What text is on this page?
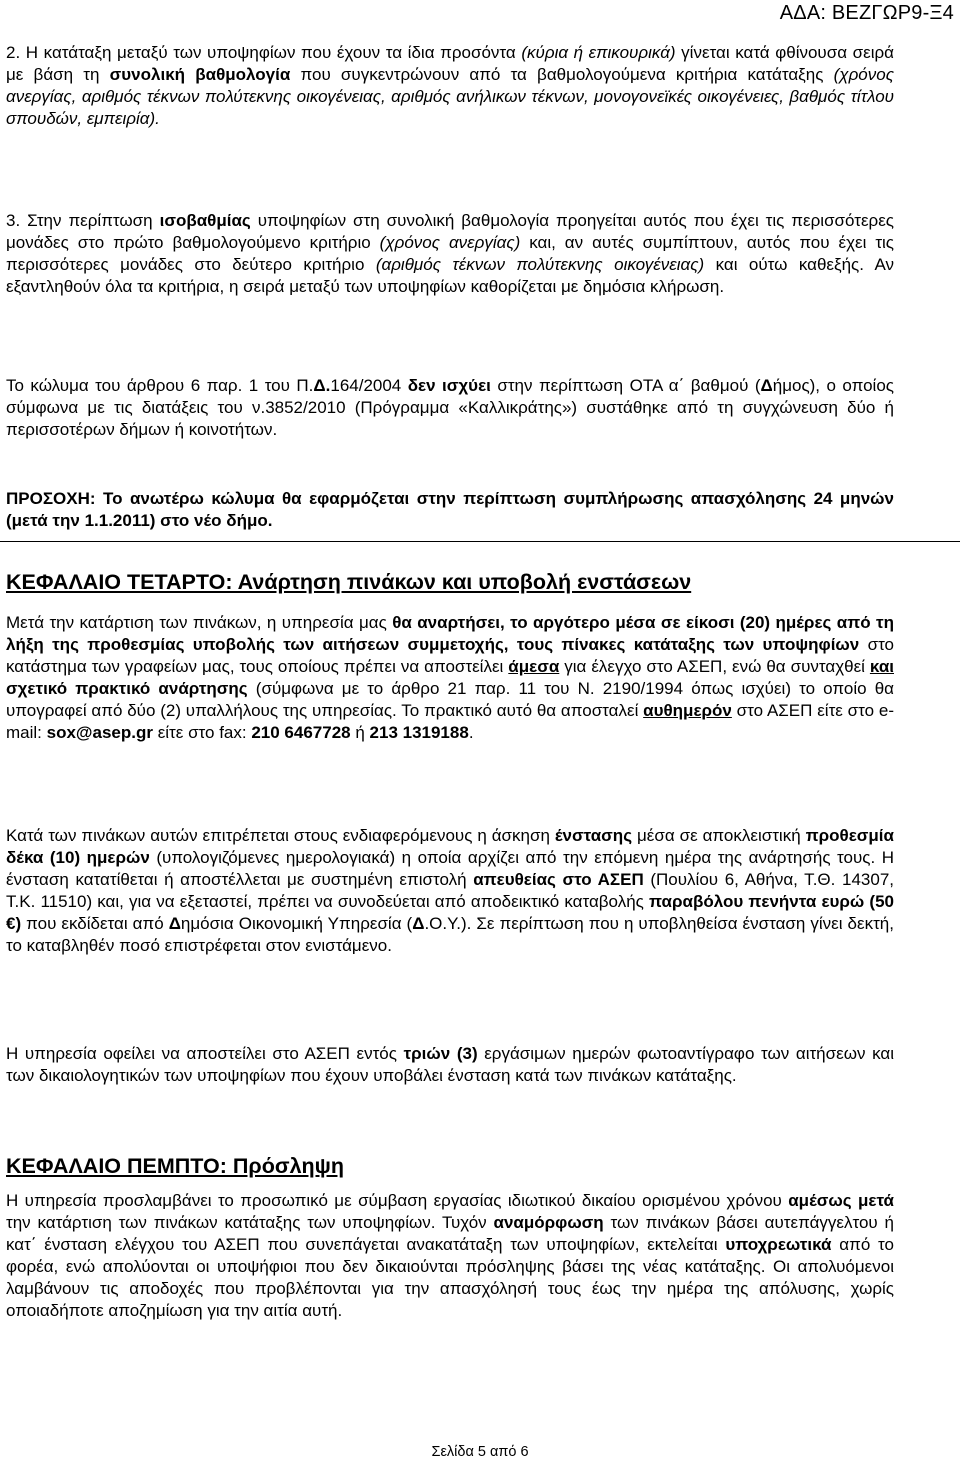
ΑΔΑ: ΒΕΖΓΩΡ9-Ξ4

2. Η κατάταξη μεταξύ των υποψηφίων που έχουν τα ίδια προσόντα (κύρια ή επικουρικά) γίνεται κατά φθίνουσα σειρά με βάση τη συνολική βαθμολογία που συγκεντρώνουν από τα βαθμολογούμενα κριτήρια κατάταξης (χρόνος ανεργίας, αριθμός τέκνων πολύτεκνης οικογένειας, αριθμός ανήλικων τέκνων, μονογονεϊκές οικογένειες, βαθμός τίτλου σπουδών, εμπειρία).

3. Στην περίπτωση ισοβαθμίας υποψηφίων στη συνολική βαθμολογία προηγείται αυτός που έχει τις περισσότερες μονάδες στο πρώτο βαθμολογούμενο κριτήριο (χρόνος ανεργίας) και, αν αυτές συμπίπτουν, αυτός που έχει τις περισσότερες μονάδες στο δεύτερο κριτήριο (αριθμός τέκνων πολύτεκνης οικογένειας) και ούτω καθεξής. Αν εξαντληθούν όλα τα κριτήρια, η σειρά μεταξύ των υποψηφίων καθορίζεται με δημόσια κλήρωση.

Το κώλυμα του άρθρου 6 παρ. 1 του Π.Δ.164/2004 δεν ισχύει στην περίπτωση ΟΤΑ α΄ βαθμού (Δήμος), ο οποίος σύμφωνα με τις διατάξεις του ν.3852/2010 (Πρόγραμμα «Καλλικράτης») συστάθηκε από τη συγχώνευση δύο ή περισσοτέρων δήμων ή κοινοτήτων.

ΠΡΟΣΟΧΗ: Το ανωτέρω κώλυμα θα εφαρμόζεται στην περίπτωση συμπλήρωσης απασχόλησης 24 μηνών (μετά την 1.1.2011) στο νέο δήμο.

ΚΕΦΑΛΑΙΟ ΤΕΤΑΡΤΟ: Ανάρτηση πινάκων και υποβολή ενστάσεων

Μετά την κατάρτιση των πινάκων, η υπηρεσία μας θα αναρτήσει, το αργότερο μέσα σε είκοσι (20) ημέρες από τη λήξη της προθεσμίας υποβολής των αιτήσεων συμμετοχής, τους πίνακες κατάταξης των υποψηφίων στο κατάστημα των γραφείων μας, τους οποίους πρέπει να αποστείλει άμεσα για έλεγχο στο ΑΣΕΠ, ενώ θα συνταχθεί και σχετικό πρακτικό ανάρτησης (σύμφωνα με το άρθρο 21 παρ. 11 του Ν. 2190/1994 όπως ισχύει) το οποίο θα υπογραφεί από δύο (2) υπαλλήλους της υπηρεσίας. Το πρακτικό αυτό θα αποσταλεί αυθημερόν στο ΑΣΕΠ είτε στο e-mail: sox@asep.gr είτε στο fax: 210 6467728 ή 213 1319188.

Κατά των πινάκων αυτών επιτρέπεται στους ενδιαφερόμενους η άσκηση ένστασης μέσα σε αποκλειστική προθεσμία δέκα (10) ημερών (υπολογιζόμενες ημερολογιακά) η οποία αρχίζει από την επόμενη ημέρα της ανάρτησής τους. Η ένσταση κατατίθεται ή αποστέλλεται με συστημένη επιστολή απευθείας στο ΑΣΕΠ (Πουλίου 6, Αθήνα, Τ.Θ. 14307, Τ.Κ. 11510) και, για να εξεταστεί, πρέπει να συνοδεύεται από αποδεικτικό καταβολής παραβόλου πενήντα ευρώ (50 €) που εκδίδεται από Δημόσια Οικονομική Υπηρεσία (Δ.Ο.Υ.). Σε περίπτωση που η υποβληθείσα ένσταση γίνει δεκτή, το καταβληθέν ποσό επιστρέφεται στον ενιστάμενο.

Η υπηρεσία οφείλει να αποστείλει στο ΑΣΕΠ εντός τριών (3) εργάσιμων ημερών φωτοαντίγραφο των αιτήσεων και των δικαιολογητικών των υποψηφίων που έχουν υποβάλει ένσταση κατά των πινάκων κατάταξης.

ΚΕΦΑΛΑΙΟ ΠΕΜΠΤΟ: Πρόσληψη

Η υπηρεσία προσλαμβάνει το προσωπικό με σύμβαση εργασίας ιδιωτικού δικαίου ορισμένου χρόνου αμέσως μετά την κατάρτιση των πινάκων κατάταξης των υποψηφίων. Τυχόν αναμόρφωση των πινάκων βάσει αυτεπάγγελτου ή κατ΄ ένσταση ελέγχου του ΑΣΕΠ που συνεπάγεται ανακατάταξη των υποψηφίων, εκτελείται υποχρεωτικά από το φορέα, ενώ απολύονται οι υποψήφιοι που δεν δικαιούνται πρόσληψης βάσει της νέας κατάταξης. Οι απολυόμενοι λαμβάνουν τις αποδοχές που προβλέπονται για την απασχόλησή τους έως την ημέρα της απόλυσης, χωρίς οποιαδήποτε αποζημίωση για την αιτία αυτή.

Σελίδα 5 από 6
